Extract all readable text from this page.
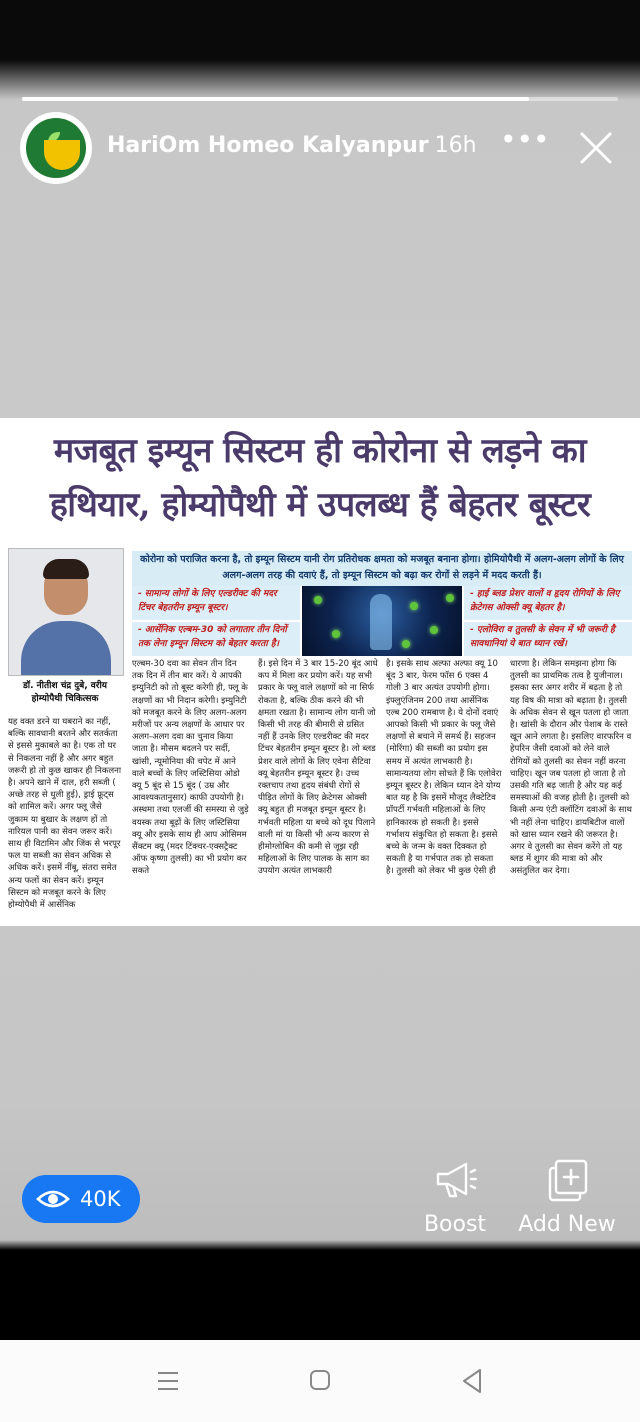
HariOm Homeo Kalyanpur 16h •••
मजबूत इम्यून सिस्टम ही कोरोना से लड़ने का
हथियार, होम्योपैथी में उपलब्ध हैं बेहतर बूस्टर
डॉ. नीतीश चंद्र दुबे, वरीय होम्योपैथी चिकित्सक
कोरोना को पराजित करना है, तो इम्यून सिस्टम यानी रोग प्रतिरोधक क्षमता को मजबूत बनाना होगा। होमियोपैथी में अलग-अलग लोगों के लिए अलग-अलग तरह की दवाएं हैं, तो इम्यून सिस्टम को बढ़ा कर रोगों से लड़ने में मदद करती हैं।
- सामान्य लोगों के लिए एल्डरीक्ट की मदर टिंचर बेहतरीन इम्यून बूस्टर।
- आर्सेनिक एल्बम-30 को लगातार तीन दिनों तक लेना इम्यून सिस्टम को बेहतर करता है।
- हाई ब्लड प्रेशर वालों व हृदय रोगियों के लिए क्रेटेगस ओक्सी क्यू बेहतर है।
- एलोविरा व तुलसी के सेवन में भी जरूरी है सावधानियां ये बात ध्यान रखें।
यह वक्त डरने या घबराने का नहीं, बल्कि सावधानी बरतने और सतर्कता से इससे मुकाबले का है। एक तो घर से निकलना नहीं है और अगर बहुत जरूरी हो तो कुछ खाकर ही निकलना है। अपने खाने में दाल, हरी सब्जी ( अच्छे तरह से धुली हुई), ड्राई फ्रूट्स को शामिल करें। अगर फ्लू जैसे जुकाम या बुखार के लक्षण हों तो नारियल पानी का सेवन जरूर करें। साथ ही विटामिन और जिंक से भरपूर फल या सब्जी का सेवन अधिक से अधिक करें। इसमें नींबू, संतरा समेत अन्य फलों का सेवन करें। इम्यून सिस्टम को मजबूत करने के लिए होम्योपैथी में आर्सेनिक
एल्बम-30 दवा का सेवन तीन दिन तक दिन में तीन बार करें। ये आपकी इम्युनिटी को तो बूस्ट करेगी ही, फ्लू के लक्षणों का भी निदान करेगी। इम्युनिटी को मजबूत करने के लिए अलग-अलग मरीजों पर अन्य लक्षणों के आधार पर अलग-अलग दवा का चुनाव किया जाता है। मौसम बदलने पर सर्दी, खांसी, न्यूमोनिया की चपेट में आने वाले बच्चों के लिए जस्टिसिया ओडो क्यू 5 बूंद से 15 बूंद ( उम्र और आवश्यकतानुसार) काफी उपयोगी है। अस्थमा तथा एलर्जी की समस्या से जुड़े वयस्क तथा बूढ़ों के लिए जस्टिसिया क्यू और इसके साथ ही आप ओसिमम सैंक्टम क्यू (मदर टिंक्चर-एक्सट्रैक्ट ऑफ कृष्णा तुलसी) का भी प्रयोग कर सकते
हैं। इसे दिन में 3 बार 15-20 बूंद आधे कप में मिला कर प्रयोग करें। यह सभी प्रकार के फ्लू वाले लक्षणों को ना सिर्फ रोकता है, बल्कि ठीक करने की भी क्षमता रखता है। सामान्य लोग यानी जो किसी भी तरह की बीमारी से ग्रसित नहीं हैं उनके लिए एल्डरीक्ट की मदर टिंचर बेहतरीन इम्यून बूस्टर है। लो ब्लड प्रेशर वाले लोगों के लिए एवेना सैटिवा क्यू बेहतरीन इम्यून बूस्टर है। उच्च रक्तचाप तथा हृदय संबंधी रोगों से पीड़ित लोगों के लिए क्रेटेगस ओक्सी क्यू बहुत ही मजबूत इम्यून बूस्टर है। गर्भवती महिला या बच्चे को दूध पिलाने वाली मां या किसी भी अन्य कारण से हीमोग्लोबिन की कमी से जूझ रही महिलाओं के लिए पालक के साग का उपयोग अत्यंत लाभकारी
है। इसके साथ अल्फा अल्फा क्यू 10 बूंद 3 बार, फेरम फॉस 6 एक्स 4 गोली 3 बार अत्यंत उपयोगी होगा। इंफ्लुएंजिनम 200 तथा आर्सेनिक एल्ब 200 रामबाण है। ये दोनों दवाएं आपको किसी भी प्रकार के फ्लू जैसे लक्षणों से बचाने में समर्थ हैं। सहजन (मोरिंगा) की सब्जी का प्रयोग इस समय में अत्यंत लाभकारी है। सामान्यतया लोग सोचते हैं कि एलोवेरा इम्यून बूस्टर है। लेकिन ध्यान देने योग्य बात यह है कि इसमें मौजूद लैक्टेटिव प्रॉपर्टी गर्भवती महिलाओं के लिए हानिकारक हो सकती है। इससे गर्भाशय संकुचित हो सकता है। इससे बच्चे के जन्म के वक्त दिक्कत हो सकती है या गर्भपात तक हो सकता है। तुलसी को लेकर भी कुछ ऐसी ही
धारणा है। लेकिन समझना होगा कि तुलसी का प्राथमिक तत्व है युजीनाल। इसका स्तर अगर शरीर में बढ़ता है तो यह विष की मात्रा को बढ़ाता है। तुलसी के अधिक सेवन से खून पतला हो जाता है। खांसी के दौरान और पेशाब के रास्ते खून आने लगता है। इसलिए वारफरिन व हेपरिन जैसी दवाओं को लेने वाले रोगियों को तुलसी का सेवन नहीं करना चाहिए। खून जब पतला हो जाता है तो उसकी गति बढ़ जाती है और यह कई समस्याओं की वजह होती है। तुलसी को किसी अन्य एंटी क्लॉटिंग दवाओं के साथ भी नहीं लेना चाहिए। डायबिटीज वालों को खास ध्यान रखने की जरूरत है। अगर वे तुलसी का सेवन करेंगे तो यह ब्लड में शुगर की मात्रा को और असंतुलित कर देगा।
40K
Boost	Add New
